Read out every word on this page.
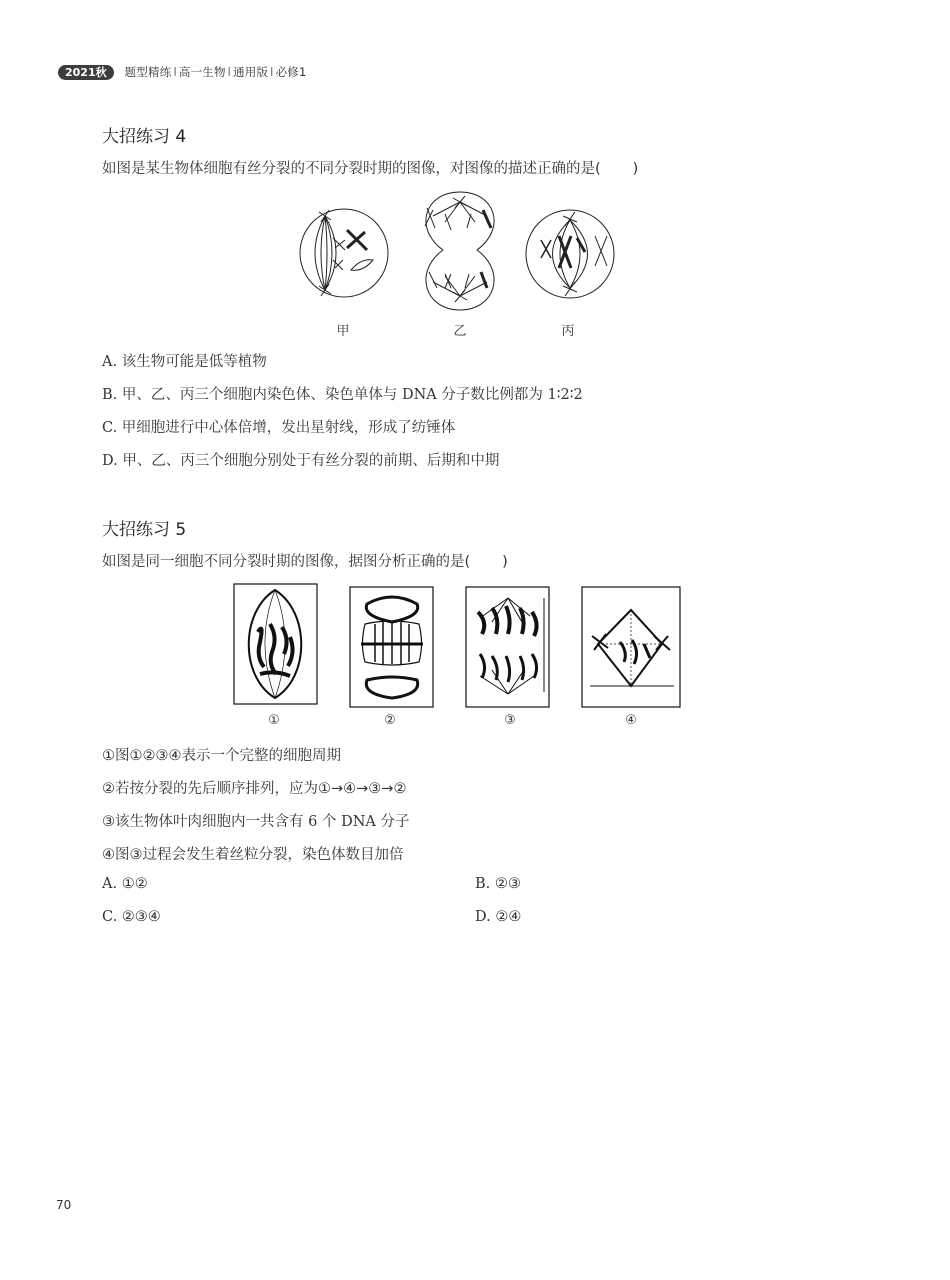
2021秋	题型精练 l 高一生物 l 通用版 l 必修1
大招练习 4
如图是某生物体细胞有丝分裂的不同分裂时期的图像，对图像的描述正确的是( )
甲	乙	丙
A. 该生物可能是低等植物
B. 甲、乙、丙三个细胞内染色体、染色单体与 DNA 分子数比例都为 1∶2∶2
C. 甲细胞进行中心体倍增，发出星射线，形成了纺锤体
D. 甲、乙、丙三个细胞分别处于有丝分裂的前期、后期和中期
大招练习 5
如图是同一细胞不同分裂时期的图像，据图分析正确的是( )
①	②	③	④
①图①②③④表示一个完整的细胞周期
②若按分裂的先后顺序排列，应为①→④→③→②
③该生物体叶肉细胞内一共含有 6 个 DNA 分子
④图③过程会发生着丝粒分裂，染色体数目加倍
A. ①②	B. ②③
C. ②③④	D. ②④
70
